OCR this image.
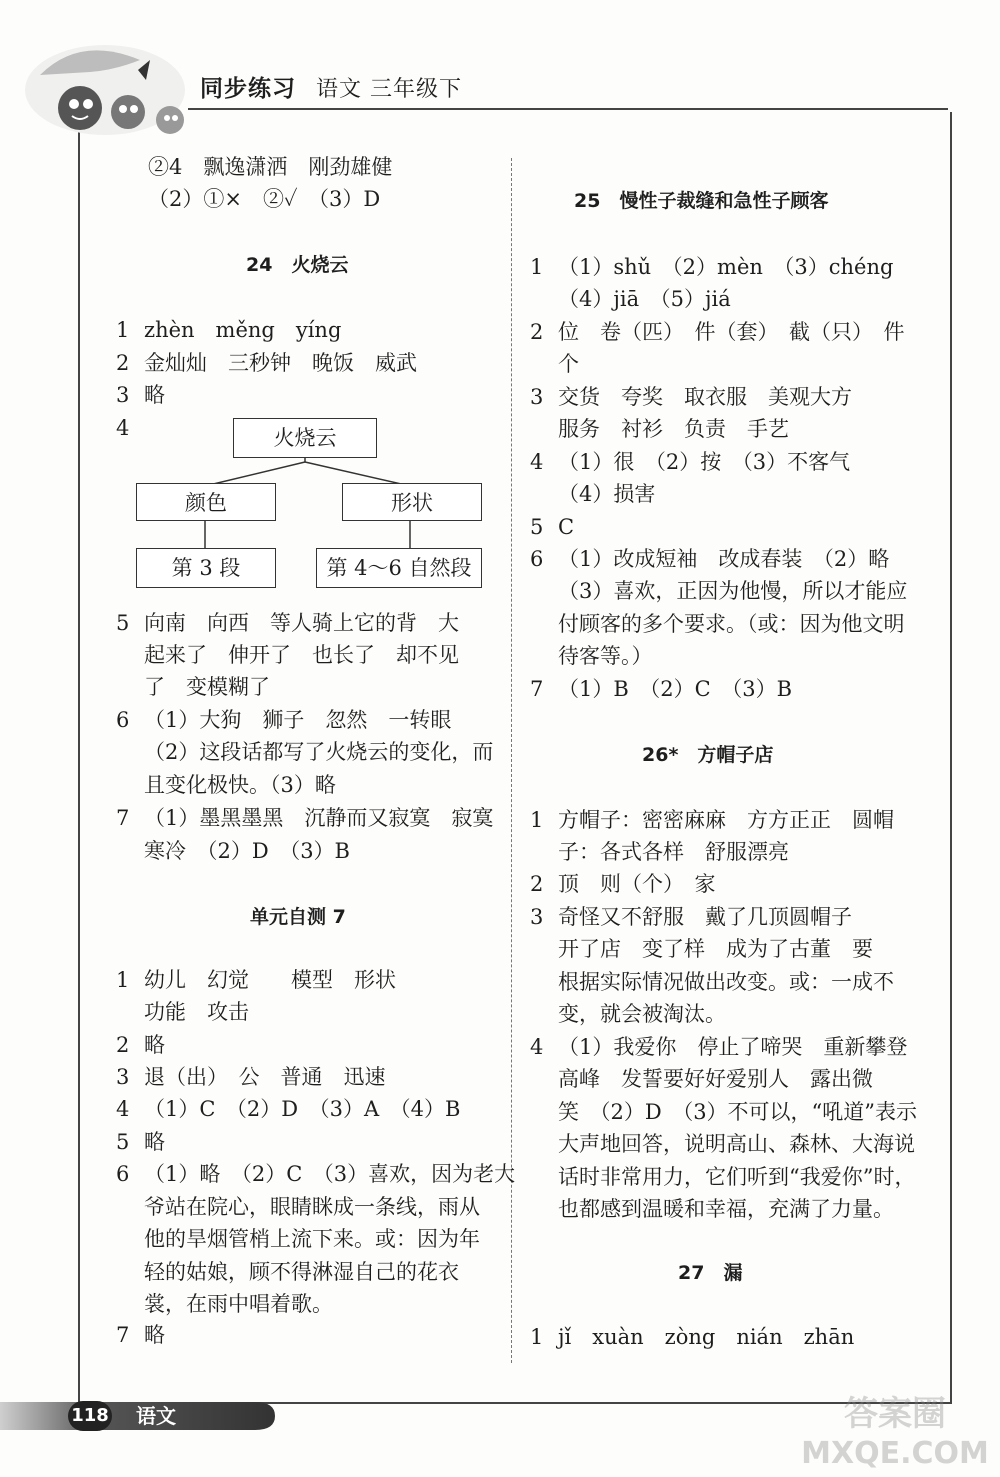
同步练习 语文 三年级下
②4　飘逸潇洒　刚劲雄健
（2）①×　②✓　（3）D
24　火烧云
1 zhèn　měng　yíng
2 金灿灿　三秒钟　晚饭　威武
3 略
4	火烧云
颜色	形状
第 3 段	第 4～6 自然段
5 向南　向西　等人骑上它的背　大
起来了　伸开了　也长了　却不见
了　变模糊了
6 （1）大狗　狮子　忽然　一转眼
（2）这段话都写了火烧云的变化，而
且变化极快。（3）略
7 （1）墨黑墨黑　沉静而又寂寞　寂寞
寒冷　（2）D　（3）B
单元自测 7
1 幼儿　幻觉　　模型　形状
功能　攻击
2 略
3 退（出）　公　普通　迅速
4 （1）C　（2）D　（3）A　（4）B
5 略
6 （1）略　（2）C　（3）喜欢，因为老大
爷站在院心，眼睛眯成一条线，雨从
他的旱烟管梢上流下来。或：因为年
轻的姑娘，顾不得淋湿自己的花衣
裳，在雨中唱着歌。
7 略
25　慢性子裁缝和急性子顾客
1 （1）shǔ　（2）mèn　（3）chéng
（4）jiā　（5）jiá
2 位　卷（匹）　件（套）　截（只）　件
个
3 交货　夸奖　取衣服　美观大方
服务　衬衫　负责　手艺
4 （1）很　（2）按　（3）不客气
（4）损害
5 C
6 （1）改成短袖　改成春装　（2）略
（3）喜欢，正因为他慢，所以才能应
付顾客的多个要求。（或：因为他文明
待客等。）
7 （1）B　（2）C　（3）B
26*　方帽子店
1 方帽子：密密麻麻　方方正正　圆帽
子：各式各样　舒服漂亮
2 顶　则（个）　家
3 奇怪又不舒服　戴了几顶圆帽子
开了店　变了样　成为了古董　要
根据实际情况做出改变。或：一成不
变，就会被淘汰。
4 （1）我爱你　停止了啼哭　重新攀登
高峰　发誓要好好爱别人　露出微
笑　（2）D　（3）不可以，“吼道”表示
大声地回答，说明高山、森林、大海说
话时非常用力，它们听到“我爱你”时，
也都感到温暖和幸福，充满了力量。
27　漏
1 jǐ　xuàn　zòng　nián　zhān
118 语文	答案圈
MXQE.COM
